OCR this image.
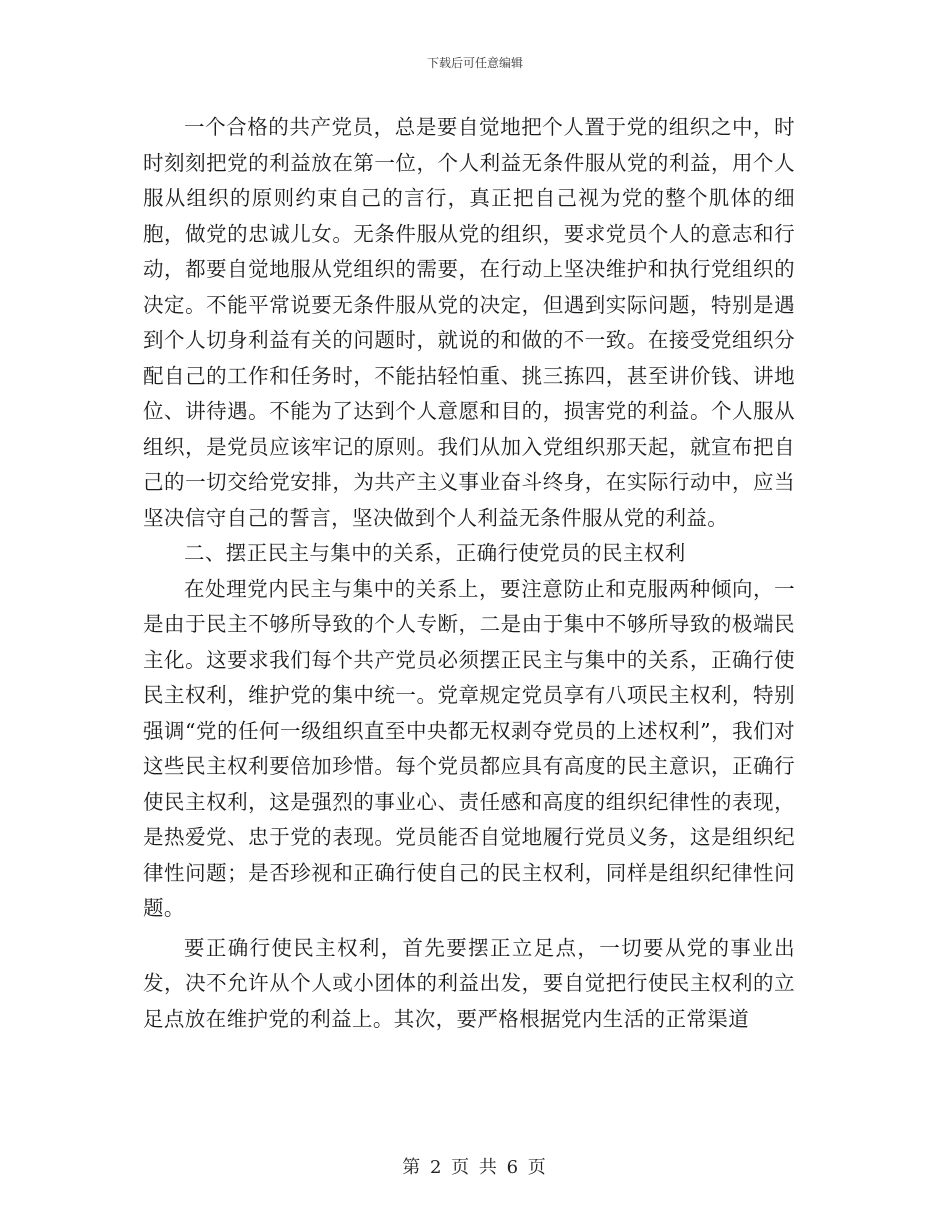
下载后可任意编辑

一个合格的共产党员，总是要自觉地把个人置于党的组织之中，时时刻刻把党的利益放在第一位，个人利益无条件服从党的利益，用个人服从组织的原则约束自己的言行，真正把自己视为党的整个肌体的细胞，做党的忠诚儿女。无条件服从党的组织，要求党员个人的意志和行动，都要自觉地服从党组织的需要，在行动上坚决维护和执行党组织的决定。不能平常说要无条件服从党的决定，但遇到实际问题，特别是遇到个人切身利益有关的问题时，就说的和做的不一致。在接受党组织分配自己的工作和任务时，不能拈轻怕重、挑三拣四，甚至讲价钱、讲地位、讲待遇。不能为了达到个人意愿和目的，损害党的利益。个人服从组织，是党员应该牢记的原则。我们从加入党组织那天起，就宣布把自己的一切交给党安排，为共产主义事业奋斗终身，在实际行动中，应当坚决信守自己的誓言，坚决做到个人利益无条件服从党的利益。

二、摆正民主与集中的关系，正确行使党员的民主权利

在处理党内民主与集中的关系上，要注意防止和克服两种倾向，一是由于民主不够所导致的个人专断，二是由于集中不够所导致的极端民主化。这要求我们每个共产党员必须摆正民主与集中的关系，正确行使民主权利，维护党的集中统一。党章规定党员享有八项民主权利，特别强调“党的任何一级组织直至中央都无权剥夺党员的上述权利”，我们对这些民主权利要倍加珍惜。每个党员都应具有高度的民主意识，正确行使民主权利，这是强烈的事业心、责任感和高度的组织纪律性的表现，是热爱党、忠于党的表现。党员能否自觉地履行党员义务，这是组织纪律性问题；是否珍视和正确行使自己的民主权利，同样是组织纪律性问题。

要正确行使民主权利，首先要摆正立足点，一切要从党的事业出发，决不允许从个人或小团体的利益出发，要自觉把行使民主权利的立足点放在维护党的利益上。其次，要严格根据党内生活的正常渠道

第 2 页 共 6 页
